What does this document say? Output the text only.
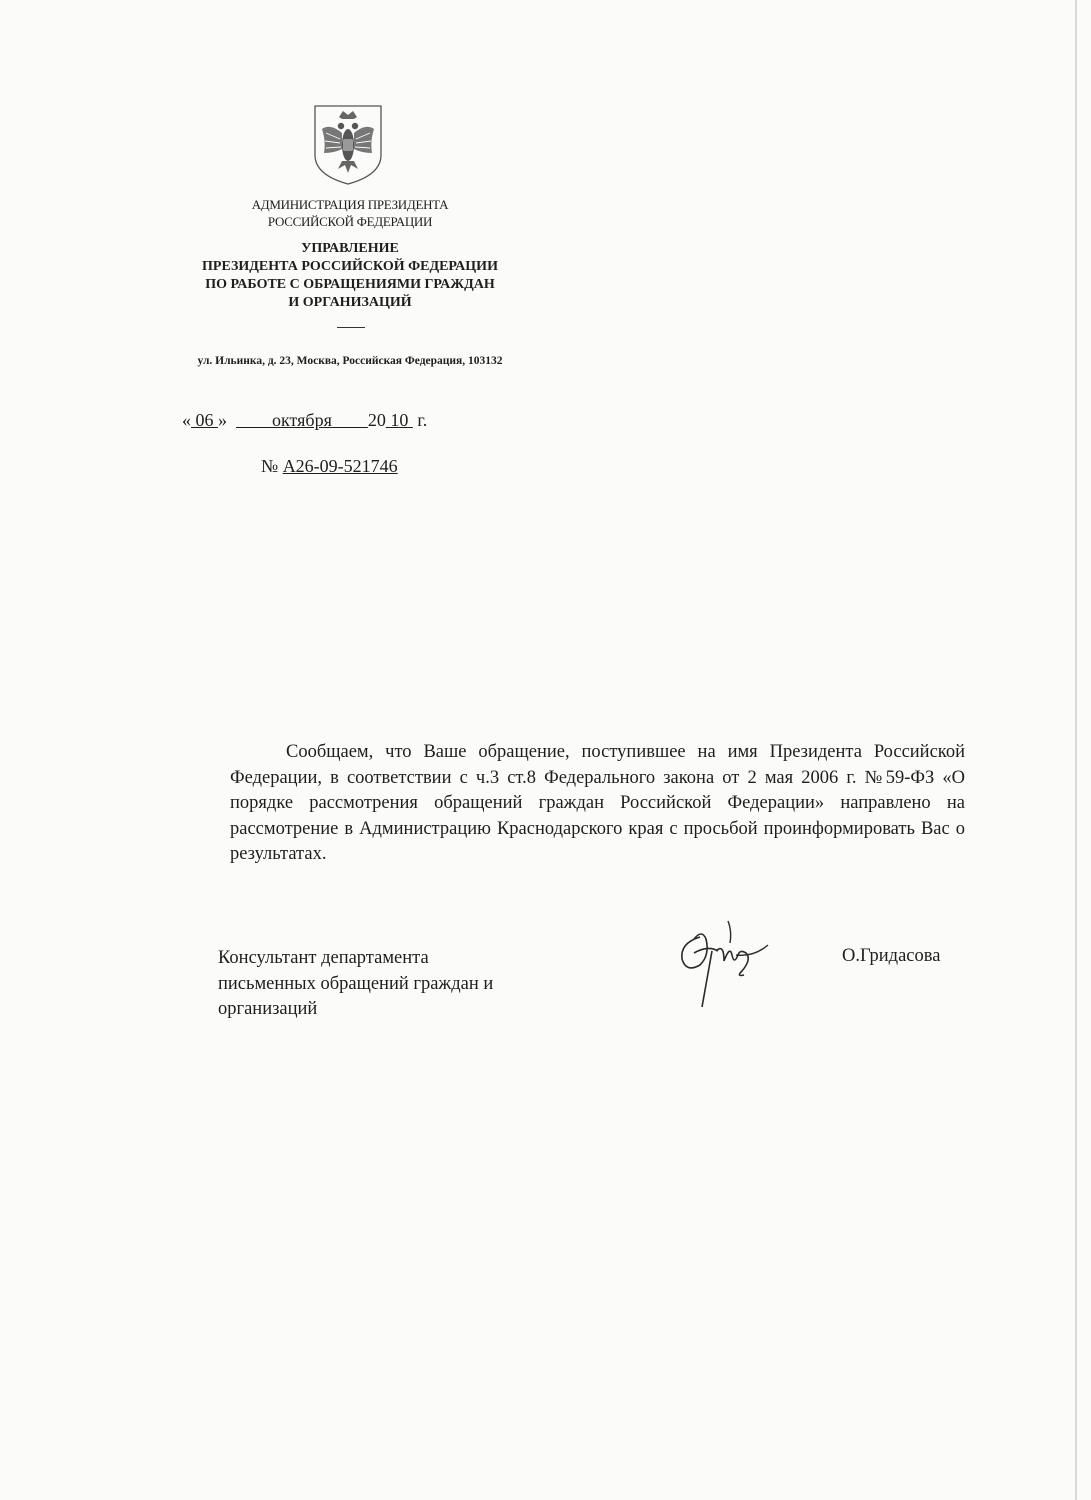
АДМИНИСТРАЦИЯ ПРЕЗИДЕНТА
РОССИЙСКОЙ ФЕДЕРАЦИИ
УПРАВЛЕНИЕ
ПРЕЗИДЕНТА РОССИЙСКОЙ ФЕДЕРАЦИИ
ПО РАБОТЕ С ОБРАЩЕНИЯМИ ГРАЖДАН
И ОРГАНИЗАЦИЙ
ул. Ильинка, д. 23, Москва, Российская Федерация, 103132
« 06 »	октября 20 10 г.
№ А26-09-521746
Сообщаем, что Ваше обращение, поступившее на имя Президента Российской Федерации, в соответствии с ч.3 ст.8 Федерального закона от 2 мая 2006 г. №59-ФЗ «О порядке рассмотрения обращений граждан Российской Федерации» направлено на рассмотрение в Администрацию Краснодарского края с просьбой проинформировать Вас о результатах.
Консультант департамента
письменных обращений граждан и
организаций
О.Гридасова
